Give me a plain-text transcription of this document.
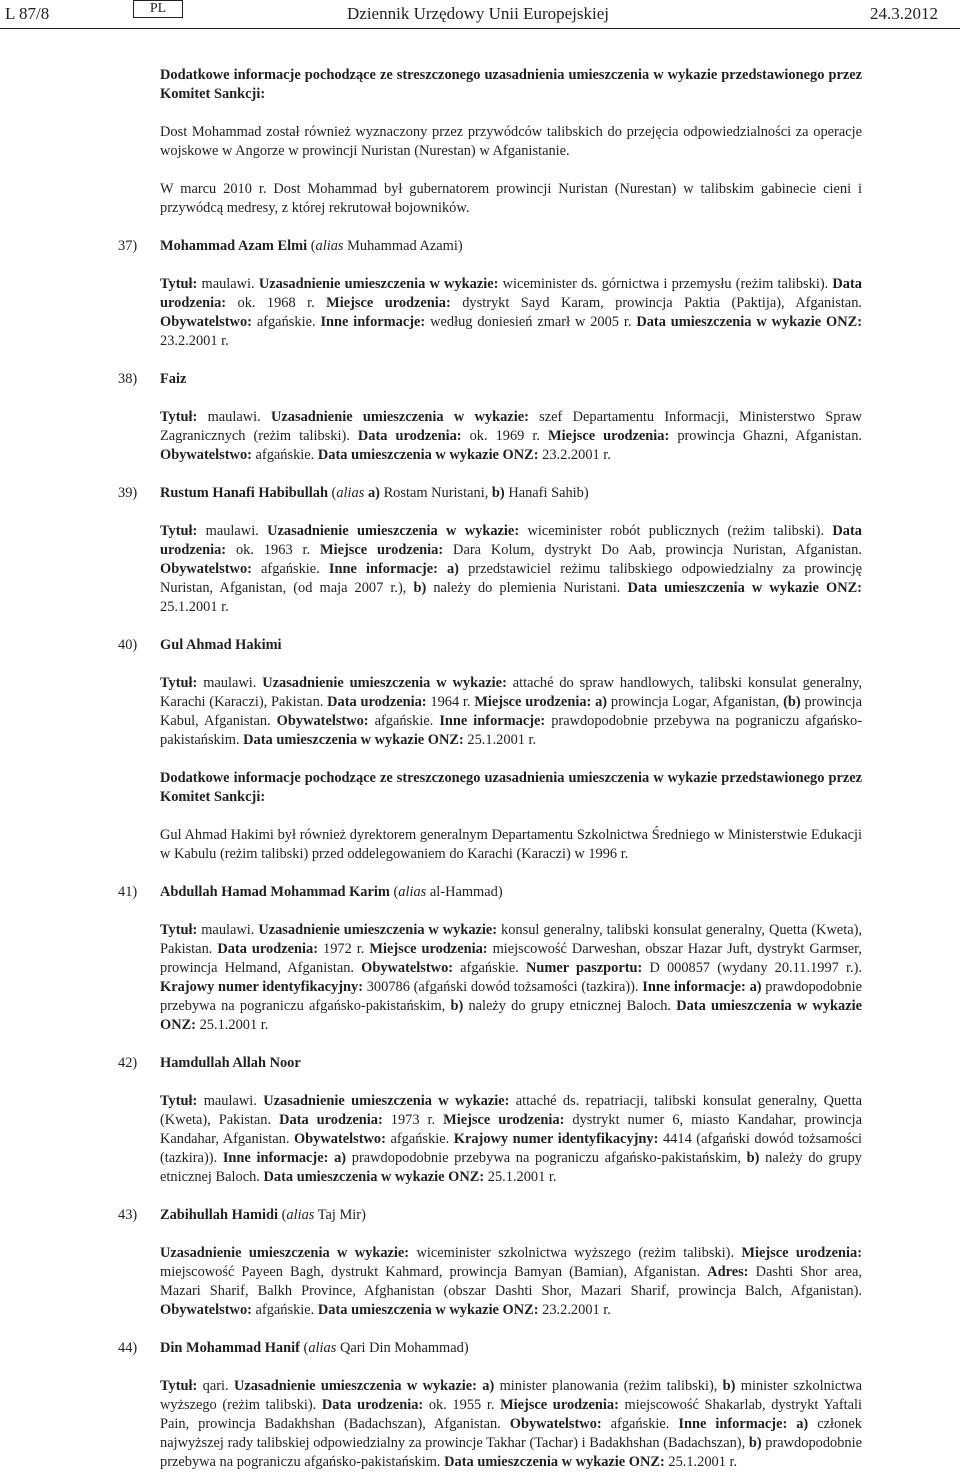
L 87/8	PL	Dziennik Urzędowy Unii Europejskiej	24.3.2012
Dodatkowe informacje pochodzące ze streszczonego uzasadnienia umieszczenia w wykazie przedstawionego przez Komitet Sankcji:
Dost Mohammad został również wyznaczony przez przywódców talibskich do przejęcia odpowiedzialności za operacje wojskowe w Angorze w prowincji Nuristan (Nurestan) w Afganistanie.
W marcu 2010 r. Dost Mohammad był gubernatorem prowincji Nuristan (Nurestan) w talibskim gabinecie cieni i przywódcą medresy, z której rekrutował bojowników.
37) Mohammad Azam Elmi (alias Muhammad Azami)
Tytuł: maulawi. Uzasadnienie umieszczenia w wykazie: wiceminister ds. górnictwa i przemysłu (reżim talibski). Data urodzenia: ok. 1968 r. Miejsce urodzenia: dystrykt Sayd Karam, prowincja Paktia (Paktija), Afganistan. Obywatelstwo: afgańskie. Inne informacje: według doniesień zmarł w 2005 r. Data umieszczenia w wykazie ONZ: 23.2.2001 r.
38) Faiz
Tytuł: maulawi. Uzasadnienie umieszczenia w wykazie: szef Departamentu Informacji, Ministerstwo Spraw Zagranicznych (reżim talibski). Data urodzenia: ok. 1969 r. Miejsce urodzenia: prowincja Ghazni, Afganistan. Obywatelstwo: afgańskie. Data umieszczenia w wykazie ONZ: 23.2.2001 r.
39) Rustum Hanafi Habibullah (alias a) Rostam Nuristani, b) Hanafi Sahib)
Tytuł: maulawi. Uzasadnienie umieszczenia w wykazie: wiceminister robót publicznych (reżim talibski). Data urodzenia: ok. 1963 r. Miejsce urodzenia: Dara Kolum, dystrykt Do Aab, prowincja Nuristan, Afganistan. Obywatelstwo: afgańskie. Inne informacje: a) przedstawiciel reżimu talibskiego odpowiedzialny za prowincję Nuristan, Afganistan, (od maja 2007 r.), b) należy do plemienia Nuristani. Data umieszczenia w wykazie ONZ: 25.1.2001 r.
40) Gul Ahmad Hakimi
Tytuł: maulawi. Uzasadnienie umieszczenia w wykazie: attaché do spraw handlowych, talibski konsulat generalny, Karachi (Karaczi), Pakistan. Data urodzenia: 1964 r. Miejsce urodzenia: a) prowincja Logar, Afganistan, (b) prowincja Kabul, Afganistan. Obywatelstwo: afgańskie. Inne informacje: prawdopodobnie przebywa na pograniczu afgańsko-pakistańskim. Data umieszczenia w wykazie ONZ: 25.1.2001 r.
Dodatkowe informacje pochodzące ze streszczonego uzasadnienia umieszczenia w wykazie przedstawionego przez Komitet Sankcji:
Gul Ahmad Hakimi był również dyrektorem generalnym Departamentu Szkolnictwa Średniego w Ministerstwie Edukacji w Kabulu (reżim talibski) przed oddelegowaniem do Karachi (Karaczi) w 1996 r.
41) Abdullah Hamad Mohammad Karim (alias al-Hammad)
Tytuł: maulawi. Uzasadnienie umieszczenia w wykazie: konsul generalny, talibski konsulat generalny, Quetta (Kweta), Pakistan. Data urodzenia: 1972 r. Miejsce urodzenia: miejscowość Darweshan, obszar Hazar Juft, dystrykt Garmser, prowincja Helmand, Afganistan. Obywatelstwo: afgańskie. Numer paszportu: D 000857 (wydany 20.11.1997 r.). Krajowy numer identyfikacyjny: 300786 (afgański dowód tożsamości (tazkira)). Inne informacje: a) prawdopodobnie przebywa na pograniczu afgańsko-pakistańskim, b) należy do grupy etnicznej Baloch. Data umieszczenia w wykazie ONZ: 25.1.2001 r.
42) Hamdullah Allah Noor
Tytuł: maulawi. Uzasadnienie umieszczenia w wykazie: attaché ds. repatriacji, talibski konsulat generalny, Quetta (Kweta), Pakistan. Data urodzenia: 1973 r. Miejsce urodzenia: dystrykt numer 6, miasto Kandahar, prowincja Kandahar, Afganistan. Obywatelstwo: afgańskie. Krajowy numer identyfikacyjny: 4414 (afgański dowód tożsamości (tazkira)). Inne informacje: a) prawdopodobnie przebywa na pograniczu afgańsko-pakistańskim, b) należy do grupy etnicznej Baloch. Data umieszczenia w wykazie ONZ: 25.1.2001 r.
43) Zabihullah Hamidi (alias Taj Mir)
Uzasadnienie umieszczenia w wykazie: wiceminister szkolnictwa wyższego (reżim talibski). Miejsce urodzenia: miejscowość Payeen Bagh, dystrukt Kahmard, prowincja Bamyan (Bamian), Afganistan. Adres: Dashti Shor area, Mazari Sharif, Balkh Province, Afghanistan (obszar Dashti Shor, Mazari Sharif, prowincja Balch, Afganistan). Obywatelstwo: afgańskie. Data umieszczenia w wykazie ONZ: 23.2.2001 r.
44) Din Mohammad Hanif (alias Qari Din Mohammad)
Tytuł: qari. Uzasadnienie umieszczenia w wykazie: a) minister planowania (reżim talibski), b) minister szkolnictwa wyższego (reżim talibski). Data urodzenia: ok. 1955 r. Miejsce urodzenia: miejscowość Shakarlab, dystrykt Yaftali Pain, prowincja Badakhshan (Badachszan), Afganistan. Obywatelstwo: afgańskie. Inne informacje: a) członek najwyższej rady talibskiej odpowiedzialny za prowincje Takhar (Tachar) i Badakhshan (Badachszan), b) prawdopodobnie przebywa na pograniczu afgańsko-pakistańskim. Data umieszczenia w wykazie ONZ: 25.1.2001 r.
